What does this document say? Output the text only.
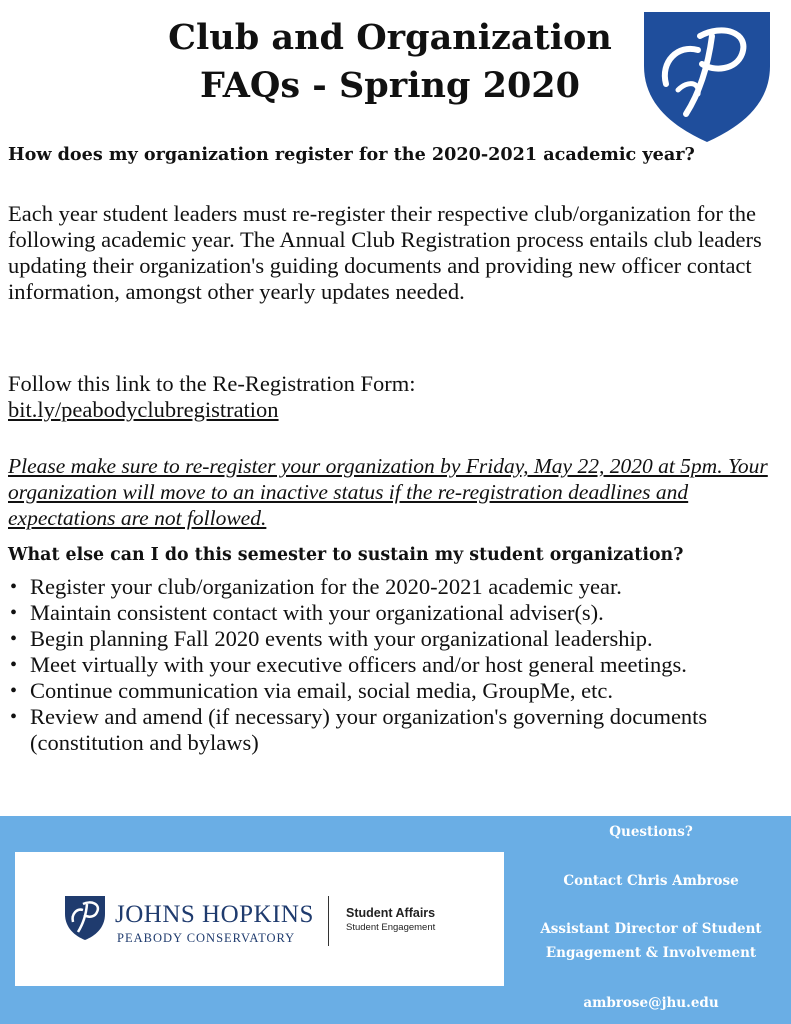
Club and Organization
FAQs - Spring 2020
How does my organization register for the 2020-2021 academic year?
Each year student leaders must re-register their respective club/organization for the following academic year. The Annual Club Registration process entails club leaders updating their organization's guiding documents and providing new officer contact information, amongst other yearly updates needed.
Follow this link to the Re-Registration Form:
bit.ly/peabodyclubregistration
Please make sure to re-register your organization by Friday, May 22, 2020 at 5pm. Your organization will move to an inactive status if the re-registration deadlines and expectations are not followed.
What else can I do this semester to sustain my student organization?
• Register your club/organization for the 2020-2021 academic year.
• Maintain consistent contact with your organizational adviser(s).
• Begin planning Fall 2020 events with your organizational leadership.
• Meet virtually with your executive officers and/or host general meetings.
• Continue communication via email, social media, GroupMe, etc.
• Review and amend (if necessary) your organization's governing documents (constitution and bylaws)
JOHNS HOPKINS
PEABODY CONSERVATORY
Student Affairs
Student Engagement
Questions?
Contact Chris Ambrose
Assistant Director of Student Engagement & Involvement
ambrose@jhu.edu
